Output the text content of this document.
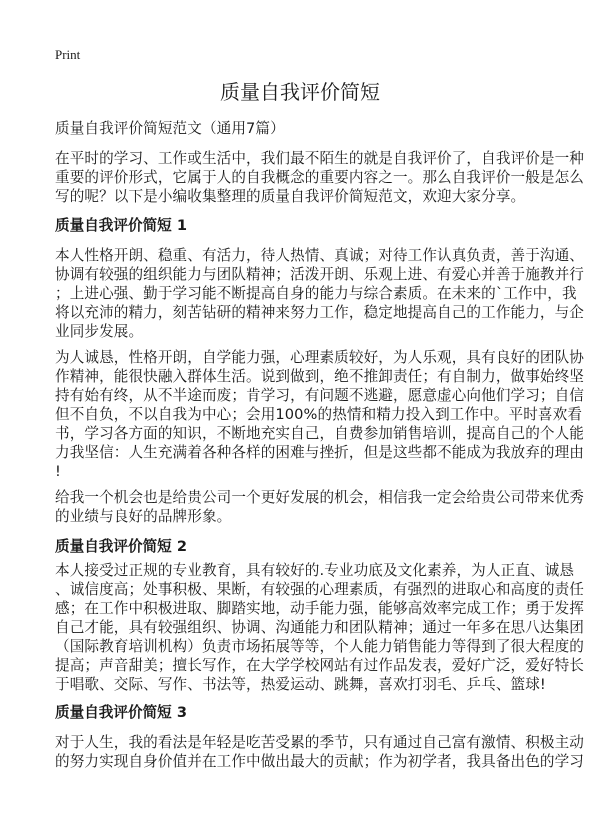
Print
质量自我评价简短
质量自我评价简短范文（通用7篇）
在平时的学习、工作或生活中，我们最不陌生的就是自我评价了，自我评价是一种
重要的评价形式，它属于人的自我概念的重要内容之一。那么自我评价一般是怎么
写的呢？以下是小编收集整理的质量自我评价简短范文，欢迎大家分享。
质量自我评价简短 1
本人性格开朗、稳重、有活力，待人热情、真诚；对待工作认真负责，善于沟通、
协调有较强的组织能力与团队精神；活泼开朗、乐观上进、有爱心并善于施教并行
；上进心强、勤于学习能不断提高自身的能力与综合素质。在未来的`工作中，我
将以充沛的精力，刻苦钻研的精神来努力工作，稳定地提高自己的工作能力，与企
业同步发展。
为人诚恳，性格开朗，自学能力强，心理素质较好，为人乐观，具有良好的团队协
作精神，能很快融入群体生活。说到做到，绝不推卸责任；有自制力，做事始终坚
持有始有终，从不半途而废；肯学习，有问题不逃避，愿意虚心向他们学习；自信
但不自负，不以自我为中心；会用100%的热情和精力投入到工作中。平时喜欢看
书，学习各方面的知识，不断地充实自己，自费参加销售培训，提高自己的个人能
力我坚信：人生充满着各种各样的困难与挫折，但是这些都不能成为我放弃的理由
!
给我一个机会也是给贵公司一个更好发展的机会，相信我一定会给贵公司带来优秀
的业绩与良好的品牌形象。
质量自我评价简短 2
本人接受过正规的专业教育，具有较好的.专业功底及文化素养，为人正直、诚恳
、诚信度高；处事积极、果断，有较强的心理素质，有强烈的进取心和高度的责任
感；在工作中积极进取、脚踏实地，动手能力强，能够高效率完成工作；勇于发挥
自己才能，具有较强组织、协调、沟通能力和团队精神；通过一年多在思八达集团
（国际教育培训机构）负责市场拓展等等，个人能力销售能力等得到了很大程度的
提高；声音甜美；擅长写作，在大学学校网站有过作品发表，爱好广泛，爱好特长
于唱歌、交际、写作、书法等，热爱运动、跳舞，喜欢打羽毛、乒乓、篮球!
质量自我评价简短 3
对于人生，我的看法是年轻是吃苦受累的季节，只有通过自己富有激情、积极主动
的努力实现自身价值并在工作中做出最大的贡献；作为初学者，我具备出色的学习
